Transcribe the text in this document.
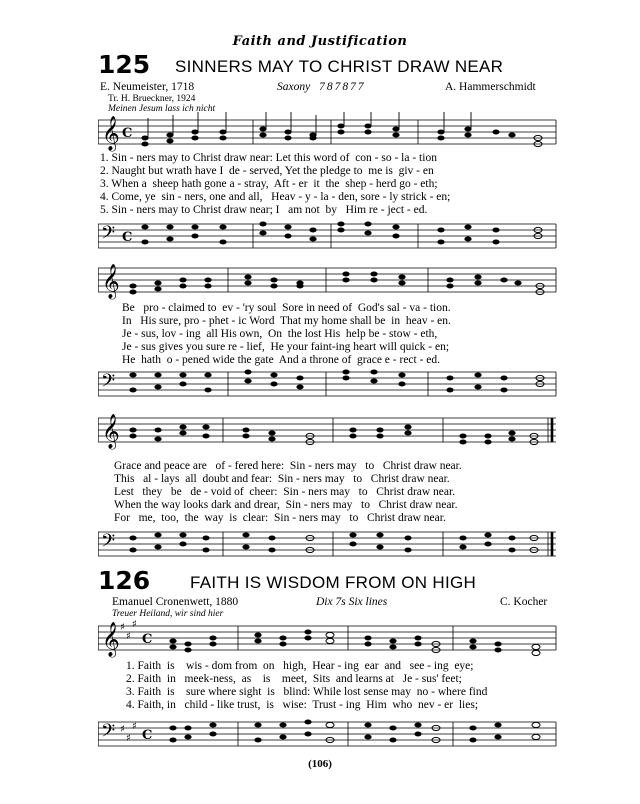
Faith and Justification
125 SINNERS MAY TO CHRIST DRAW NEAR
E. Neumeister, 1718	Saxony 787877	A. Hammerschmidt
Tr. H. Brueckner, 1924
Meinen Jesum lass ich nicht
𝄞 C
1. Sin - ners may to Christ draw near: Let this word of  con - so - la - tion
2. Naught but wrath have I  de - served, Yet the pledge to  me is  giv - en
3. When a  sheep hath gone a - stray,  Aft - er  it  the  shep - herd go - eth;
4. Come, ye  sin - ners, one and all,   Heav - y - la - den, sore - ly strick - en;
5. Sin - ners may to Christ draw near; I   am not  by   Him re - ject - ed.
𝄢 C
𝄞
Be   pro - claimed to  ev - 'ry soul  Sore in need of  God's sal - va - tion.
In   His sure, pro - phet - ic Word  That my home shall be  in  heav - en.
Je - sus, lov - ing  all His own,  On  the lost His  help be - stow - eth,
Je - sus gives you sure re - lief,  He your faint-ing heart will quick - en;
He  hath  o - pened wide the gate  And a throne of  grace e - rect - ed.
𝄢
𝄞
Grace and peace are   of - fered here:  Sin - ners may   to   Christ draw near.
This   al - lays  all  doubt and fear:  Sin - ners may   to   Christ draw near.
Lest   they   be   de - void of  cheer:  Sin - ners may   to   Christ draw near.
When the way looks dark and drear,  Sin - ners may   to   Christ draw near.
For   me,  too,  the  way  is  clear:  Sin - ners may   to   Christ draw near.
𝄢
126 FAITH IS WISDOM FROM ON HIGH
Emanuel Cronenwett, 1880	Dix 7s Six lines	C. Kocher
Treuer Heiland, wir sind hier
𝄞 ♯
♯
♯
C
1. Faith  is    wis - dom from  on   high,  Hear - ing  ear  and   see - ing  eye;
2. Faith  in   meek-ness,  as    is    meet,  Sits  and learns at   Je - sus' feet;
3. Faith  is    sure where sight  is   blind: While lost sense may  no - where find
4. Faith, in   child - like trust,  is   wise:  Trust - ing  Him  who  nev - er  lies;
𝄢 ♯
♯
♯
C
(106)
